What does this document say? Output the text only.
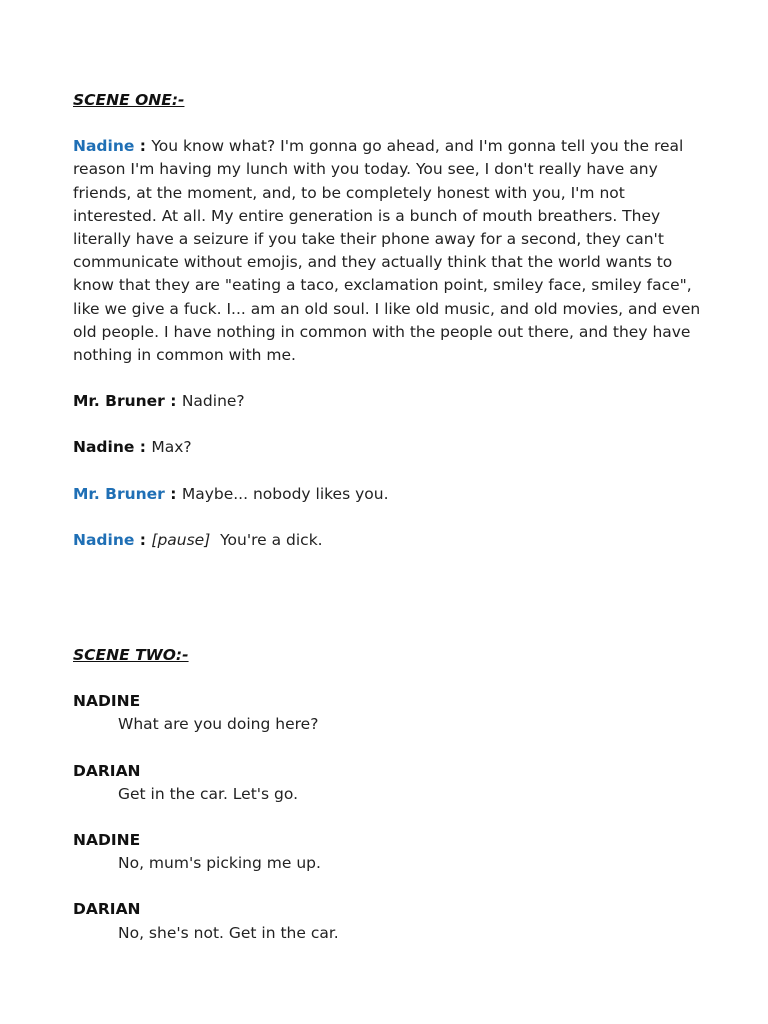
SCENE ONE:-

Nadine : You know what? I'm gonna go ahead, and I'm gonna tell you the real reason I'm having my lunch with you today. You see, I don't really have any friends, at the moment, and, to be completely honest with you, I'm not interested. At all. My entire generation is a bunch of mouth breathers. They literally have a seizure if you take their phone away for a second, they can't communicate without emojis, and they actually think that the world wants to know that they are "eating a taco, exclamation point, smiley face, smiley face", like we give a fuck. I... am an old soul. I like old music, and old movies, and even old people. I have nothing in common with the people out there, and they have nothing in common with me.

Mr. Bruner : Nadine?

Nadine : Max?

Mr. Bruner : Maybe... nobody likes you.

Nadine : [pause] You're a dick.

SCENE TWO:-

NADINE

What are you doing here?

DARIAN

Get in the car. Let's go.

NADINE

No, mum's picking me up.

DARIAN

No, she's not. Get in the car.
